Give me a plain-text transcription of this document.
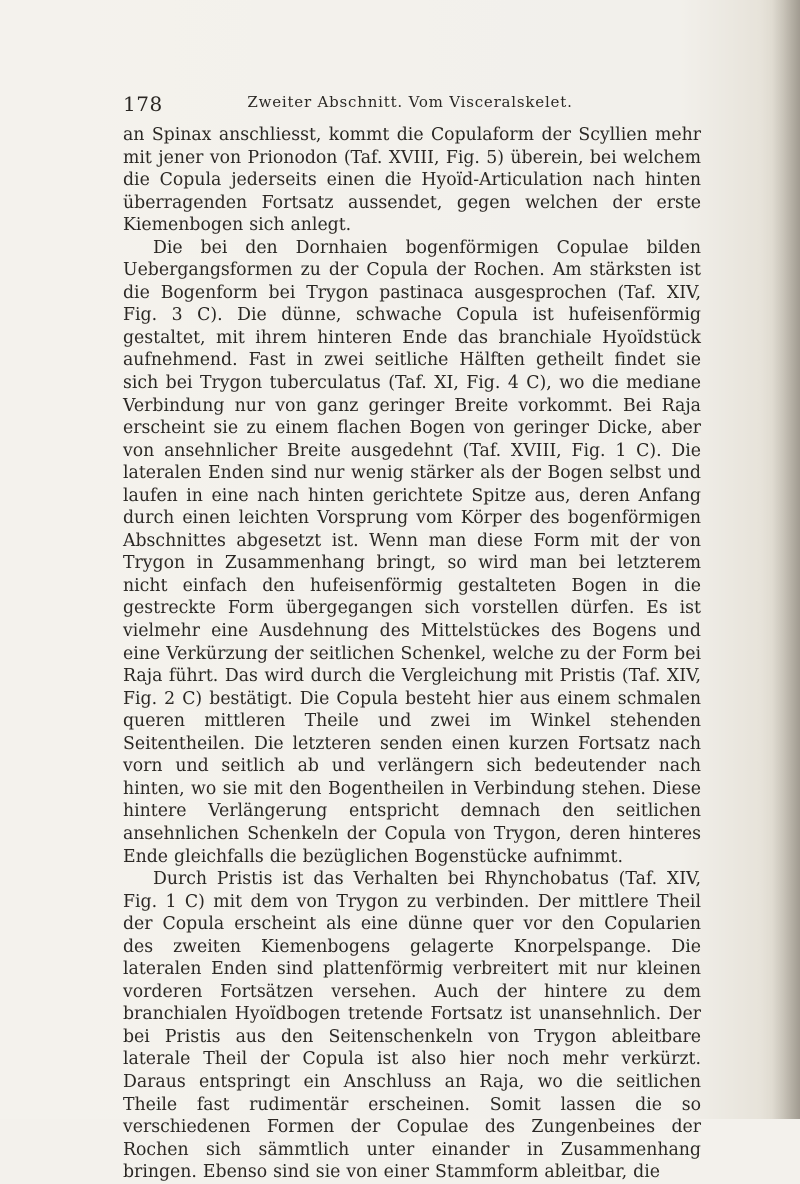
178	Zweiter Abschnitt. Vom Visceralskelet.

an Spinax anschliesst, kommt die Copulaform der Scyllien mehr mit jener von Prionodon (Taf. XVIII, Fig. 5) überein, bei welchem die Copula jederseits einen die Hyoïd-Articulation nach hinten überragenden Fortsatz aussendet, gegen welchen der erste Kiemenbogen sich anlegt.

Die bei den Dornhaien bogenförmigen Copulae bilden Uebergangsformen zu der Copula der Rochen. Am stärksten ist die Bogenform bei Trygon pastinaca ausgesprochen (Taf. XIV, Fig. 3 C). Die dünne, schwache Copula ist hufeisenförmig gestaltet, mit ihrem hinteren Ende das branchiale Hyoïdstück aufnehmend. Fast in zwei seitliche Hälften getheilt findet sie sich bei Trygon tuberculatus (Taf. XI, Fig. 4 C), wo die mediane Verbindung nur von ganz geringer Breite vorkommt. Bei Raja erscheint sie zu einem flachen Bogen von geringer Dicke, aber von ansehnlicher Breite ausgedehnt (Taf. XVIII, Fig. 1 C). Die lateralen Enden sind nur wenig stärker als der Bogen selbst und laufen in eine nach hinten gerichtete Spitze aus, deren Anfang durch einen leichten Vorsprung vom Körper des bogenförmigen Abschnittes abgesetzt ist. Wenn man diese Form mit der von Trygon in Zusammenhang bringt, so wird man bei letzterem nicht einfach den hufeisenförmig gestalteten Bogen in die gestreckte Form übergegangen sich vorstellen dürfen. Es ist vielmehr eine Ausdehnung des Mittelstückes des Bogens und eine Verkürzung der seitlichen Schenkel, welche zu der Form bei Raja führt. Das wird durch die Vergleichung mit Pristis (Taf. XIV, Fig. 2 C) bestätigt. Die Copula besteht hier aus einem schmalen queren mittleren Theile und zwei im Winkel stehenden Seitentheilen. Die letzteren senden einen kurzen Fortsatz nach vorn und seitlich ab und verlängern sich bedeutender nach hinten, wo sie mit den Bogentheilen in Verbindung stehen. Diese hintere Verlängerung entspricht demnach den seitlichen ansehnlichen Schenkeln der Copula von Trygon, deren hinteres Ende gleichfalls die bezüglichen Bogenstücke aufnimmt.

Durch Pristis ist das Verhalten bei Rhynchobatus (Taf. XIV, Fig. 1 C) mit dem von Trygon zu verbinden. Der mittlere Theil der Copula erscheint als eine dünne quer vor den Copularien des zweiten Kiemenbogens gelagerte Knorpelspange. Die lateralen Enden sind plattenförmig verbreitert mit nur kleinen vorderen Fortsätzen versehen. Auch der hintere zu dem branchialen Hyoïdbogen tretende Fortsatz ist unansehnlich. Der bei Pristis aus den Seitenschenkeln von Trygon ableitbare laterale Theil der Copula ist also hier noch mehr verkürzt. Daraus entspringt ein Anschluss an Raja, wo die seitlichen Theile fast rudimentär erscheinen. Somit lassen die so verschiedenen Formen der Copulae des Zungenbeines der Rochen sich sämmtlich unter einander in Zusammenhang bringen. Ebenso sind sie von einer Stammform ableitbar, die
